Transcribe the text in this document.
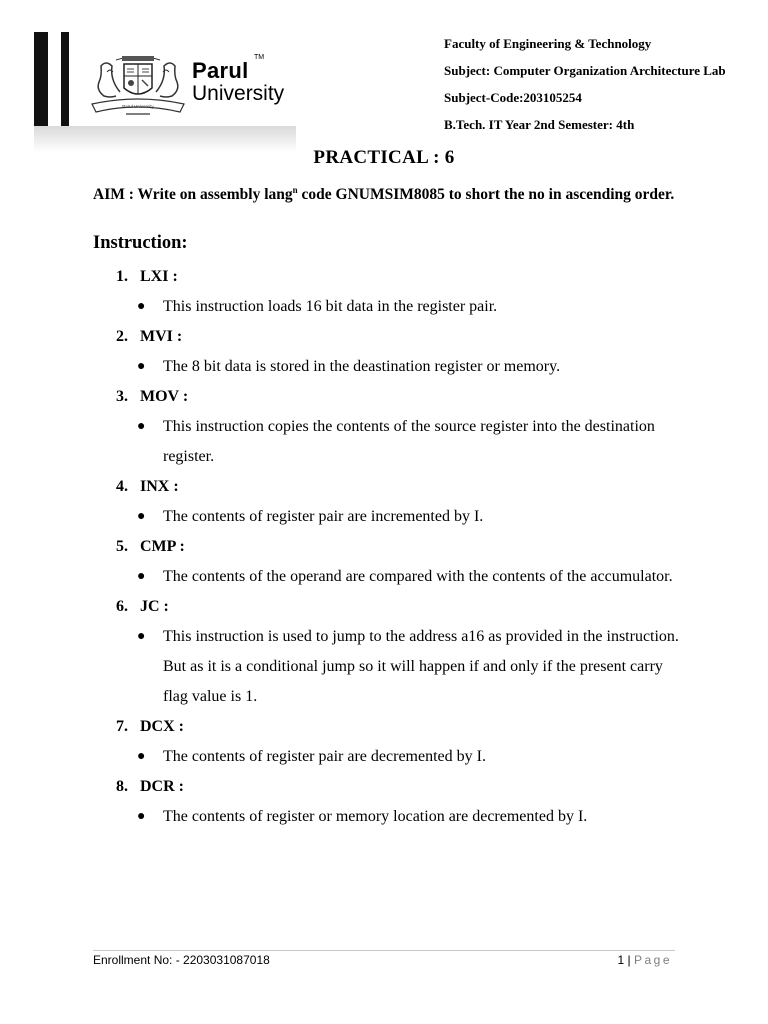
Parul University
Parul
TM
University
Faculty of Engineering & Technology
Subject: Computer Organization Architecture Lab
Subject-Code:203105254
B.Tech. IT Year 2nd Semester: 4th
PRACTICAL : 6
AIM : Write on assembly lang$^n$ code GNUMSIM8085 to short the no in ascending order.
Instruction:
1. LXI :
● This instruction loads 16 bit data in the register pair.
2. MVI :
● The 8 bit data is stored in the deastination register or memory.
3. MOV :
● This instruction copies the contents of the source register into the destination register.
4. INX :
● The contents of register pair are incremented by I.
5. CMP :
● The contents of the operand are compared with the contents of the accumulator.
6. JC :
● This instruction is used to jump to the address a16 as provided in the instruction. But as it is a conditional jump so it will happen if and only if the present carry flag value is 1.
7. DCX :
● The contents of register pair are decremented by I.
8. DCR :
● The contents of register or memory location are decremented by I.
Enrollment No: - 2203031087018	1 | Page
